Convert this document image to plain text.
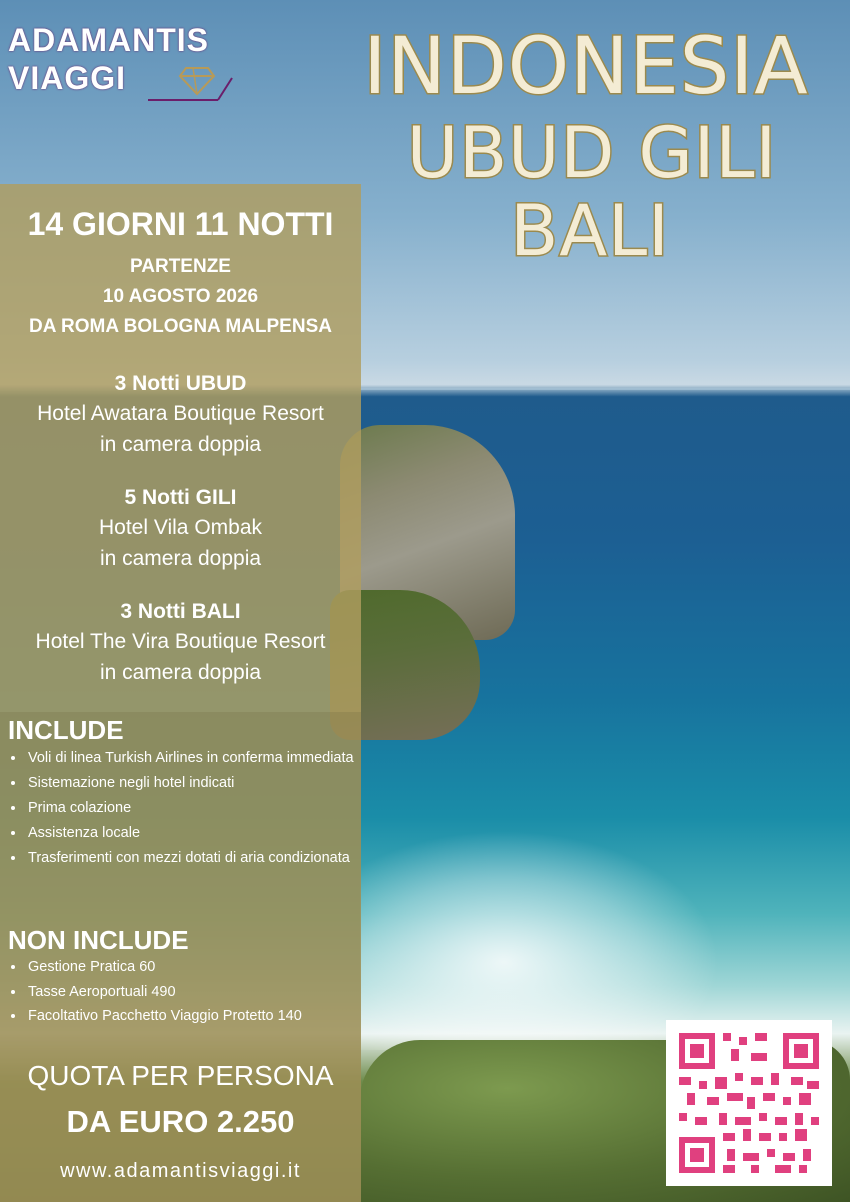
ADAMANTIS
VIAGGI	INDONESIA
UBUD GILI
BALI
14 GIORNI 11 NOTTI
PARTENZE
10 AGOSTO 2026
DA ROMA BOLOGNA MALPENSA
3 Notti UBUD
Hotel Awatara Boutique Resort
in camera doppia
5 Notti GILI
Hotel Vila Ombak
in camera doppia
3 Notti BALI
Hotel The Vira Boutique Resort
in camera doppia
INCLUDE
• Voli di linea Turkish Airlines in conferma immediata
• Sistemazione negli hotel indicati
• Prima colazione
• Assistenza locale
• Trasferimenti con mezzi dotati di aria condizionata
NON INCLUDE
• Gestione Pratica 60
• Tasse Aeroportuali 490
• Facoltativo Pacchetto Viaggio Protetto 140
QUOTA PER PERSONA
DA EURO 2.250
www.adamantisviaggi.it
